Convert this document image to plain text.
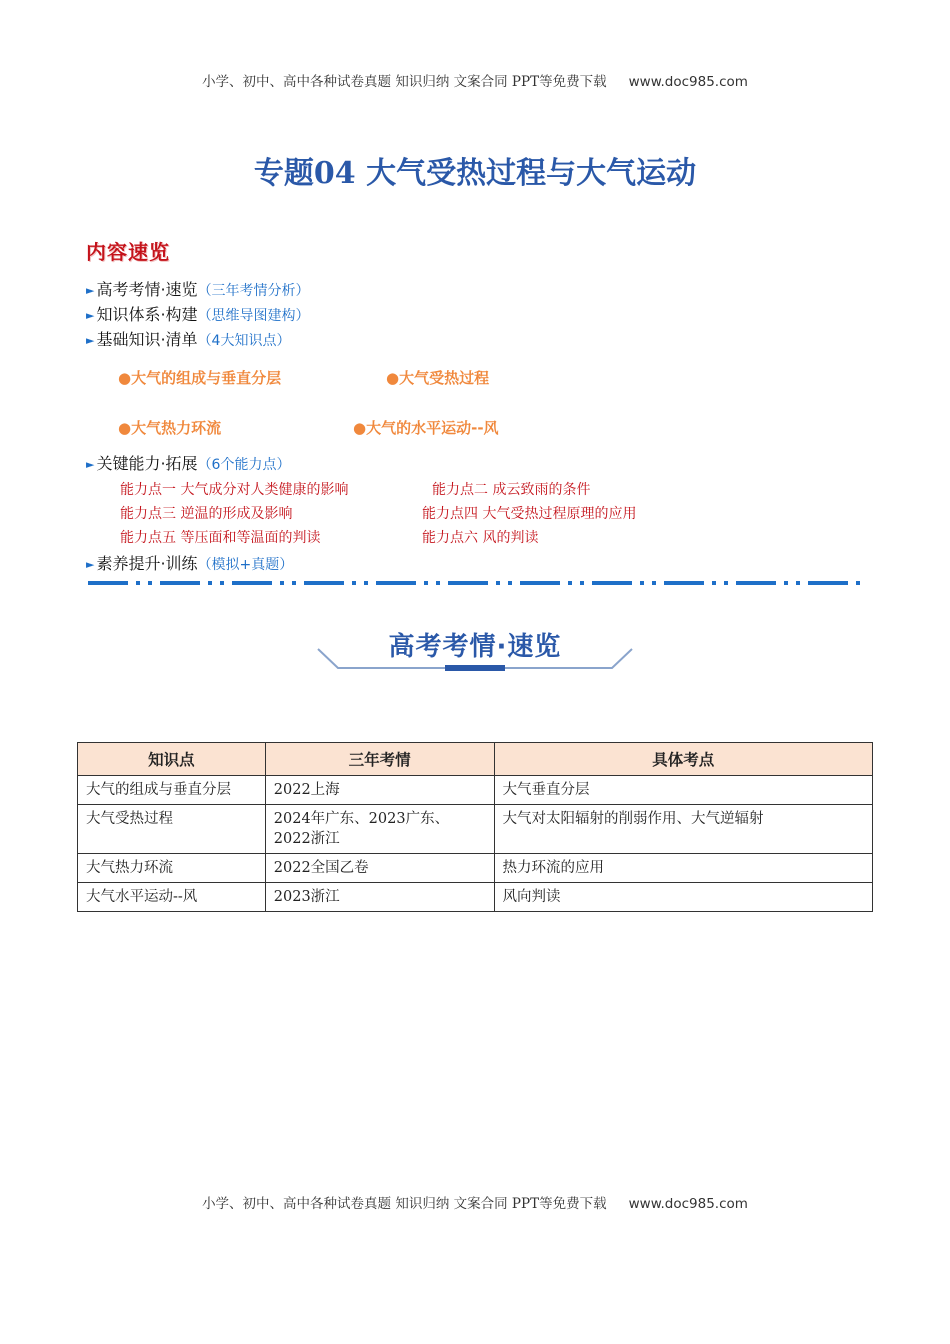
小学、初中、高中各种试卷真题 知识归纳 文案合同 PPT等免费下载 www.doc985.com
专题04 大气受热过程与大气运动
内容速览
► 高考考情·速览（三年考情分析）
► 知识体系·构建（思维导图建构）
► 基础知识·清单（4大知识点）
●大气的组成与垂直分层	●大气受热过程
●大气热力环流	●大气的水平运动--风
► 关键能力·拓展（6个能力点）
能力点一 大气成分对人类健康的影响	能力点二 成云致雨的条件
能力点三 逆温的形成及影响	能力点四 大气受热过程原理的应用
能力点五 等压面和等温面的判读	能力点六 风的判读
► 素养提升·训练（模拟+真题）
高考考情·速览
知识点	三年考情	具体考点
大气的组成与垂直分层	2022上海	大气垂直分层
大气受热过程	2024年广东、2023广东、2022浙江	大气对太阳辐射的削弱作用、大气逆辐射
大气热力环流	2022全国乙卷	热力环流的应用
大气水平运动--风	2023浙江	风向判读
小学、初中、高中各种试卷真题 知识归纳 文案合同 PPT等免费下载 www.doc985.com
